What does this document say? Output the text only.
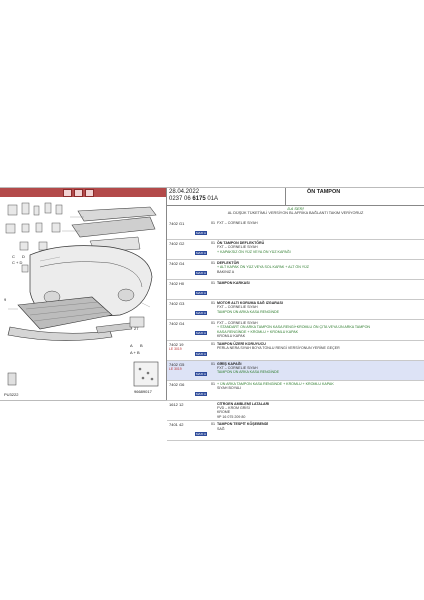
C D
C + D
A B
A + B
9
27
PU3222
96689017
28.04.2022
0237 06 6175 01A
ÖN TAMPON
İLA SERİ
AL DÜŞÜK TÜKETİMLİ VERSİYON BL AFRİKA BAĞLANTI TAKIM VERİYORUZ
7402 G1
MAXI A
01 FXT – CORNELIE SIYAH
7402 G2
MAXI A
01 ÖN TAMPON DEFLEKTÖRÜ
FXT – CORNELIE SIYAH
+ KAPAKSIZ ÖN YÜZ VEYA ÖN YÜZ KAPAĞI
7402 G4
MAXI A
01 DEFLEKTÖR
+ ALT KAPAK ÖN YÜZ VEYA SOL KAPAK + ALT ÖN YÜZ
BAKINIZ A
7402 H0
MAXI A
01 TAMPON KARKASI
7402 G3
MAXI A
01 MOTOR ALTI KORUMA SAĞ IZGARASI
FXT – CORNELIE SIYAH
TAMPON ÜN ARKA KASA RENGİNDE
7402 G4
MAXI A
01 FXT – CORNELIE SIYAH
+ STANDART ON ARKA TAMPON KASA RENGİ+KROMLU ÖN ÇITA VEYA ÜN ARKA TAMPON
KASA RENGİNDE + KROMLU + KROMLU KAPAK
KROMLU KAPAK
7402 19
LE 3019
MAXI A
01 TAMPON ÜZERİ KORUYUCU
PERLA NERA SIYAH BOYA TONLU RENGİ VERSİYONUN YERİNE GEÇER
7402 G5
LE 3019
MAXI A
01 GİRİŞ KAPAĞI
FXT – CORNELIE SIYAH
TAMPON ÜN ARKA KASA RENGİNDE
7402 G6
MAXI A
01 + ÜN ARKA TAMPON KASA RENGİNDE + KROMLU + KROMLU KAPAK
SIYAH BOYALI
1612 12	CİTROEN AMBLEMİ LATALARI
FVD – KROM GRİSİ
KROME
9P 16 075 209 80
7401 42
MAXI A
01 TAMPON TESPİT KÖŞEBENDİ
SAĞ
